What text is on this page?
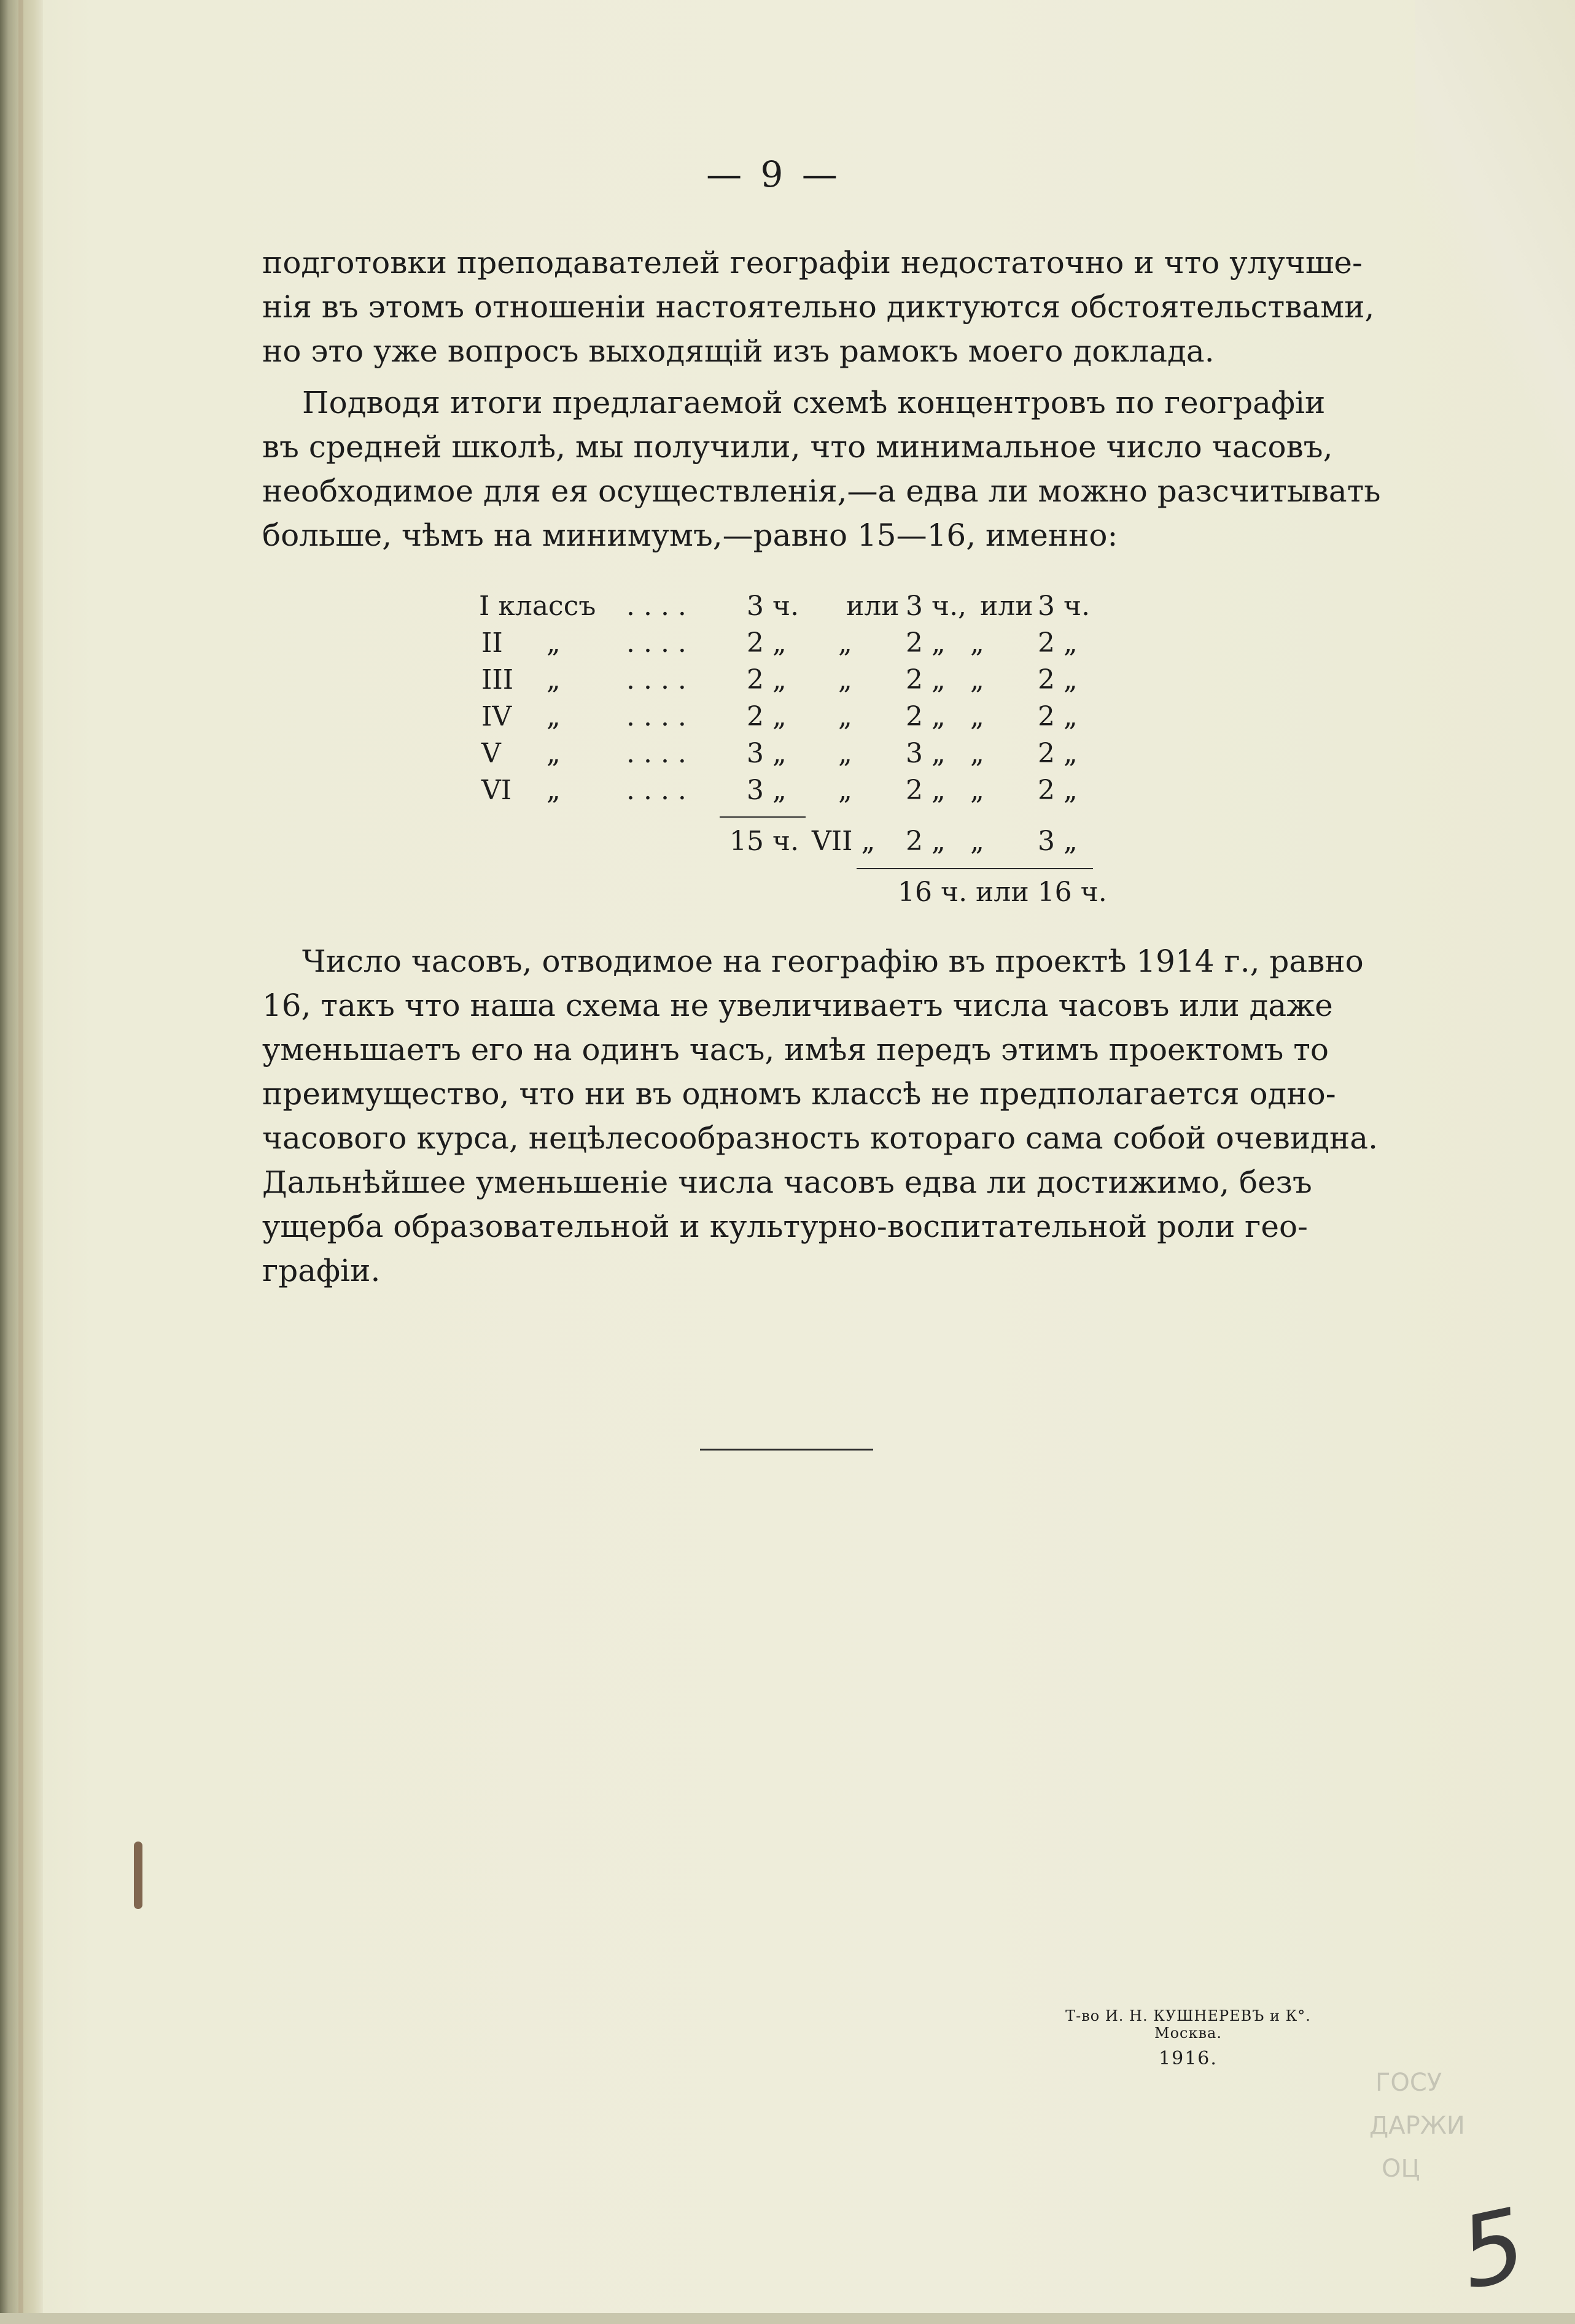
— 9 —
подготовки преподавателей географіи недостаточно и что улучше-
нія въ этомъ отношеніи настоятельно диктуются обстоятельствами,
но это уже вопросъ выходящій изъ рамокъ моего доклада.
Подводя итоги предлагаемой схемѣ концентровъ по географіи
въ средней школѣ, мы получили, что минимальное число часовъ,
необходимое для ея осуществленія,—а едва ли можно разсчитывать
больше, чѣмъ на минимумъ,—равно 15—16, именно:
I классъ . . . . 3 ч. или 3 ч., или 3 ч.
II „ . . . . 2 „ „ 2 „ „ 2 „
III „ . . . . 2 „ „ 2 „ „ 2 „
IV „ . . . . 2 „ „ 2 „ „ 2 „
V „ . . . . 3 „ „ 3 „ „ 2 „
VI „ . . . . 3 „ „ 2 „ „ 2 „
15 ч. VII „ 2 „ „ 3 „
16 ч. или 16 ч.
Число часовъ, отводимое на географію въ проектѣ 1914 г., равно
16, такъ что наша схема не увеличиваетъ числа часовъ или даже
уменьшаетъ его на одинъ часъ, имѣя передъ этимъ проектомъ то
преимущество, что ни въ одномъ классѣ не предполагается одно-
часового курса, нецѣлесообразность котораго сама собой очевидна.
Дальнѣйшее уменьшеніе числа часовъ едва ли достижимо, безъ
ущерба образовательной и культурно-воспитательной роли гео-
графіи.
Т-во И. Н. КУШНЕРЕВЪ и К°. Москва.
1916.
ГОСУ
ДАРЖИ
ОЦ
5
